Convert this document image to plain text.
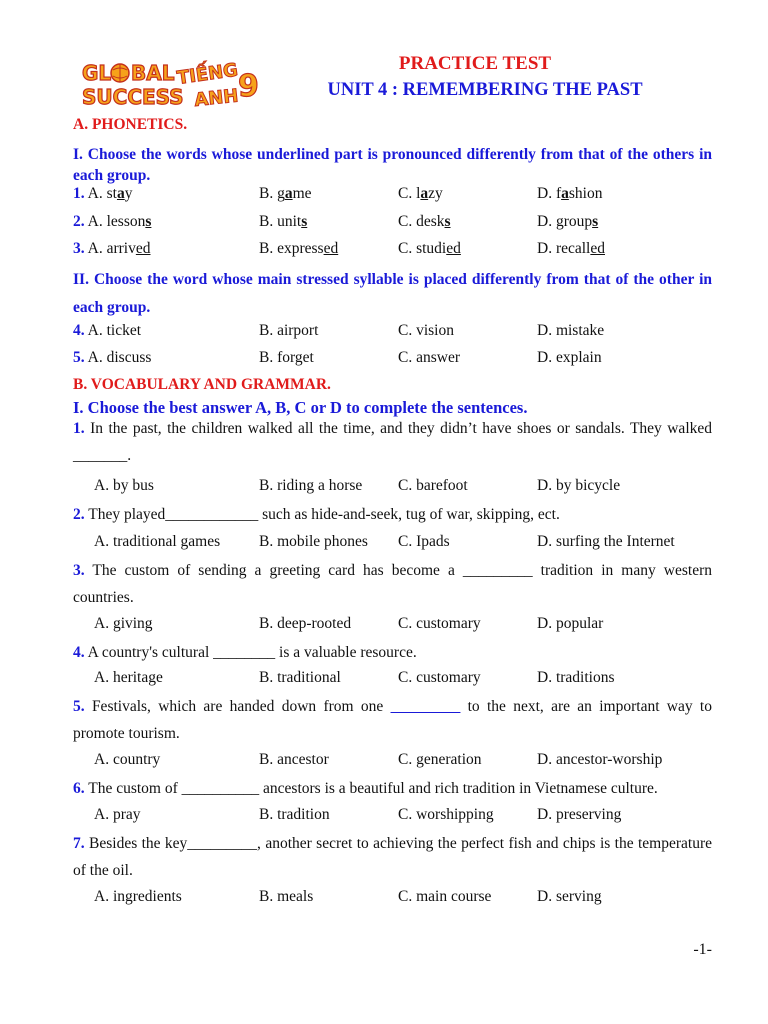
GL BAL
SUCCESS
TIẾNG
ANH
9
PRACTICE TEST
UNIT 4 : REMEMBERING THE PAST
A. PHONETICS.
I. Choose the words whose underlined part is pronounced differently from that of the others in each group.
1. A. stay	B. game	C. lazy	D. fashion
2. A. lessons	B. units	C. desks	D. groups
3. A. arrived	B. expressed	C. studied	D. recalled
II. Choose the word whose main stressed syllable is placed differently from that of the other in each group.
4. A. ticket	B. airport	C. vision	D. mistake
5. A. discuss	B. forget	C. answer	D. explain
B. VOCABULARY AND GRAMMAR.
I. Choose the best answer A, B, C or D to complete the sentences.
1. In the past, the children walked all the time, and they didn’t have shoes or sandals. They walked _______.
A. by bus	B. riding a horse C. barefoot	D. by bicycle
2. They played____________ such as hide-and-seek, tug of war, skipping, ect.
A. traditional games	B. mobile phones C. Ipads	D. surfing the Internet
3. The custom of sending a greeting card has become a _________ tradition in many western countries.
A. giving	B. deep-rooted	C. customary	D. popular
4. A country's cultural ________ is a valuable resource.
A. heritage	B. traditional	C. customary	D. traditions
5. Festivals, which are handed down from one _________ to the next, are an important way to promote tourism.
A. country	B. ancestor	C. generation	D. ancestor-worship
6. The custom of __________ ancestors is a beautiful and rich tradition in Vietnamese culture.
A. pray	B. tradition	C. worshipping	D. preserving
7. Besides the key_________, another secret to achieving the perfect fish and chips is the temperature of the oil.
A. ingredients	B. meals	C. main course	D. serving
-1-
